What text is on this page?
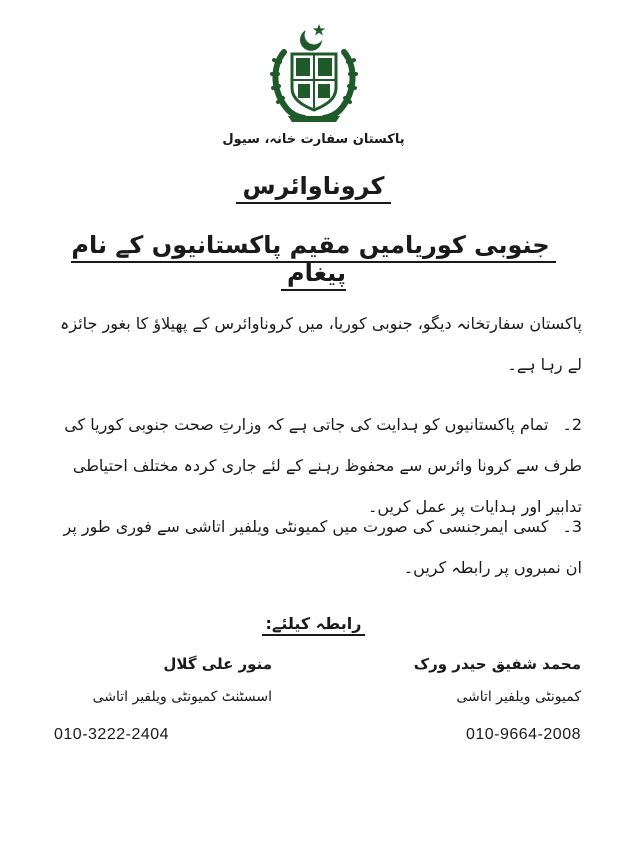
پاکستان سفارت خانہ، سیول
کروناوائرس
جنوبی کوریامیں مقیم پاکستانیوں کے نام پیغام
پاکستان سفارتخانہ دیگو، جنوبی کوریا، میں کروناوائرس کے پھیلاؤ کا بغور جائزہ لے رہا ہے۔
2۔تمام پاکستانیوں کو ہدایت کی جاتی ہے کہ وزارتِ صحت جنوبی کوریا کی طرف سے کرونا وائرس سے محفوظ رہنے کے لئے جاری کردہ مختلف احتیاطی تدابیر اور ہدایات پر عمل کریں۔
3۔کسی ایمرجنسی کی صورت میں کمیونٹی ویلفیر اتاشی سے فوری طور پر ان نمبروں پر رابطہ کریں۔
رابطہ کیلئے:
محمد شفیق حیدر ورک
کمیونٹی ویلفیر اتاشی
010-9664-2008
منور علی گلال
اسسٹنٹ کمیونٹی ویلفیر اتاشی
010-3222-2404
